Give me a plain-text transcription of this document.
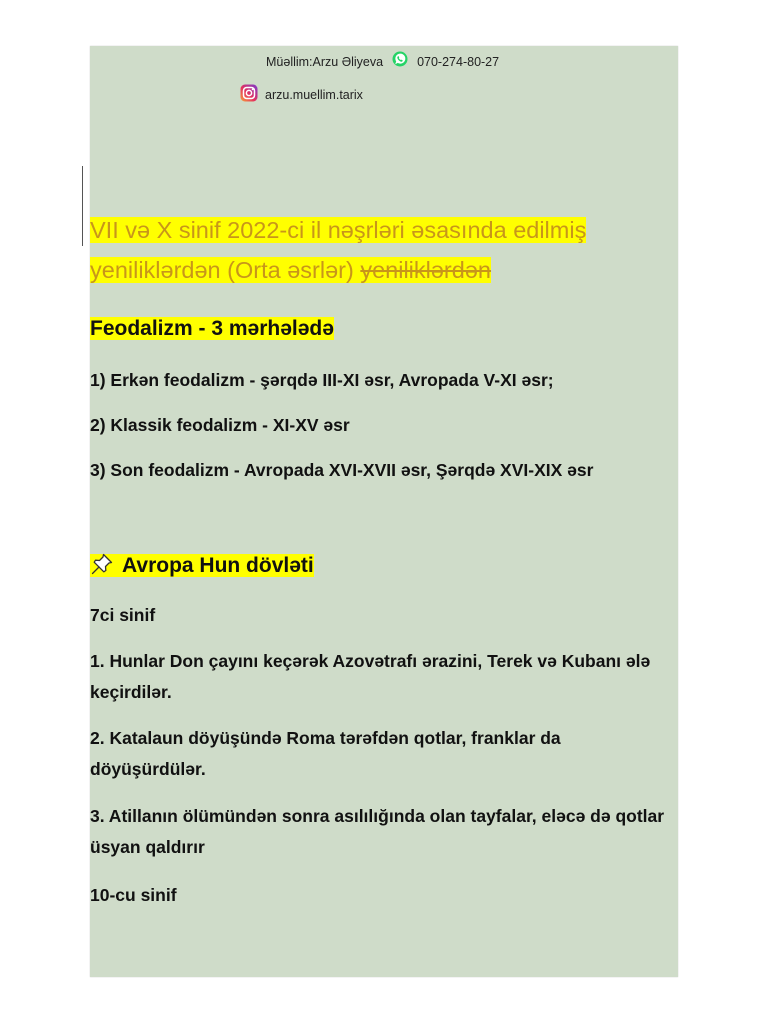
Müəllim:Arzu Əliyeva	070-274-80-27
arzu.muellim.tarix
VII və X sinif 2022-ci il nəşrləri əsasında edilmiş
yeniliklərdən (Orta əsrlər) yeniliklərdən
Feodalizm - 3 mərhələdə
1) Erkən feodalizm - şərqdə III-XI əsr, Avropada V-XI əsr;
2) Klassik feodalizm - XI-XV əsr
3) Son feodalizm - Avropada XVI-XVII əsr, Şərqdə XVI-XIX əsr
Avropa Hun dövləti
7ci sinif
1. Hunlar Don çayını keçərək Azovətrafı ərazini, Terek və Kubanı ələ keçirdilər.
2. Katalaun döyüşündə Roma tərəfdən qotlar, franklar da döyüşürdülər.
3. Atillanın ölümündən sonra asılılığında olan tayfalar, eləcə də qotlar üsyan qaldırır
10-cu sinif
